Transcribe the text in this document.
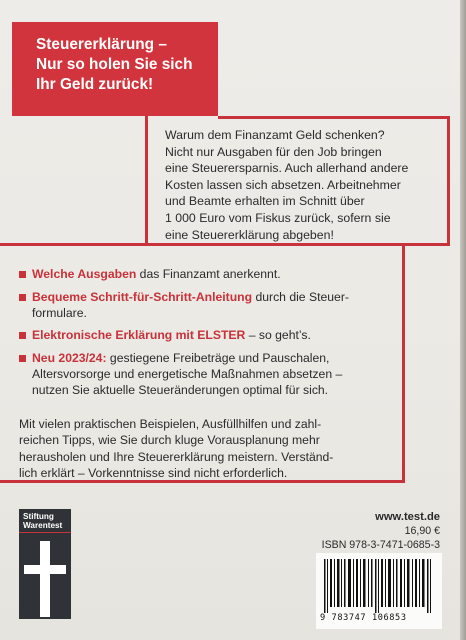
Steuererklärung –
Nur so holen Sie sich
Ihr Geld zurück!
Warum dem Finanzamt Geld schenken?
Nicht nur Ausgaben für den Job bringen
eine Steuerersparnis. Auch allerhand andere
Kosten lassen sich absetzen. Arbeitnehmer
und Beamte erhalten im Schnitt über
1 000 Euro vom Fiskus zurück, sofern sie
eine Steuererklärung abgeben!
Welche Ausgaben das Finanzamt anerkennt.
Bequeme Schritt-für-Schritt-Anleitung durch die Steuer-
formulare.
Elektronische Erklärung mit ELSTER – so geht’s.
Neu 2023/24: gestiegene Freibeträge und Pauschalen,
Altersvorsorge und energetische Maßnahmen absetzen –
nutzen Sie aktuelle Steueränderungen optimal für sich.
Mit vielen praktischen Beispielen, Ausfüllhilfen und zahl-
reichen Tipps, wie Sie durch kluge Vorausplanung mehr
herausholen und Ihre Steuererklärung meistern. Verständ-
lich erklärt – Vorkenntnisse sind nicht erforderlich.
Stiftung
Warentest
www.test.de
16,90 €
ISBN 978-3-7471-0685-3
9 783747 106853
